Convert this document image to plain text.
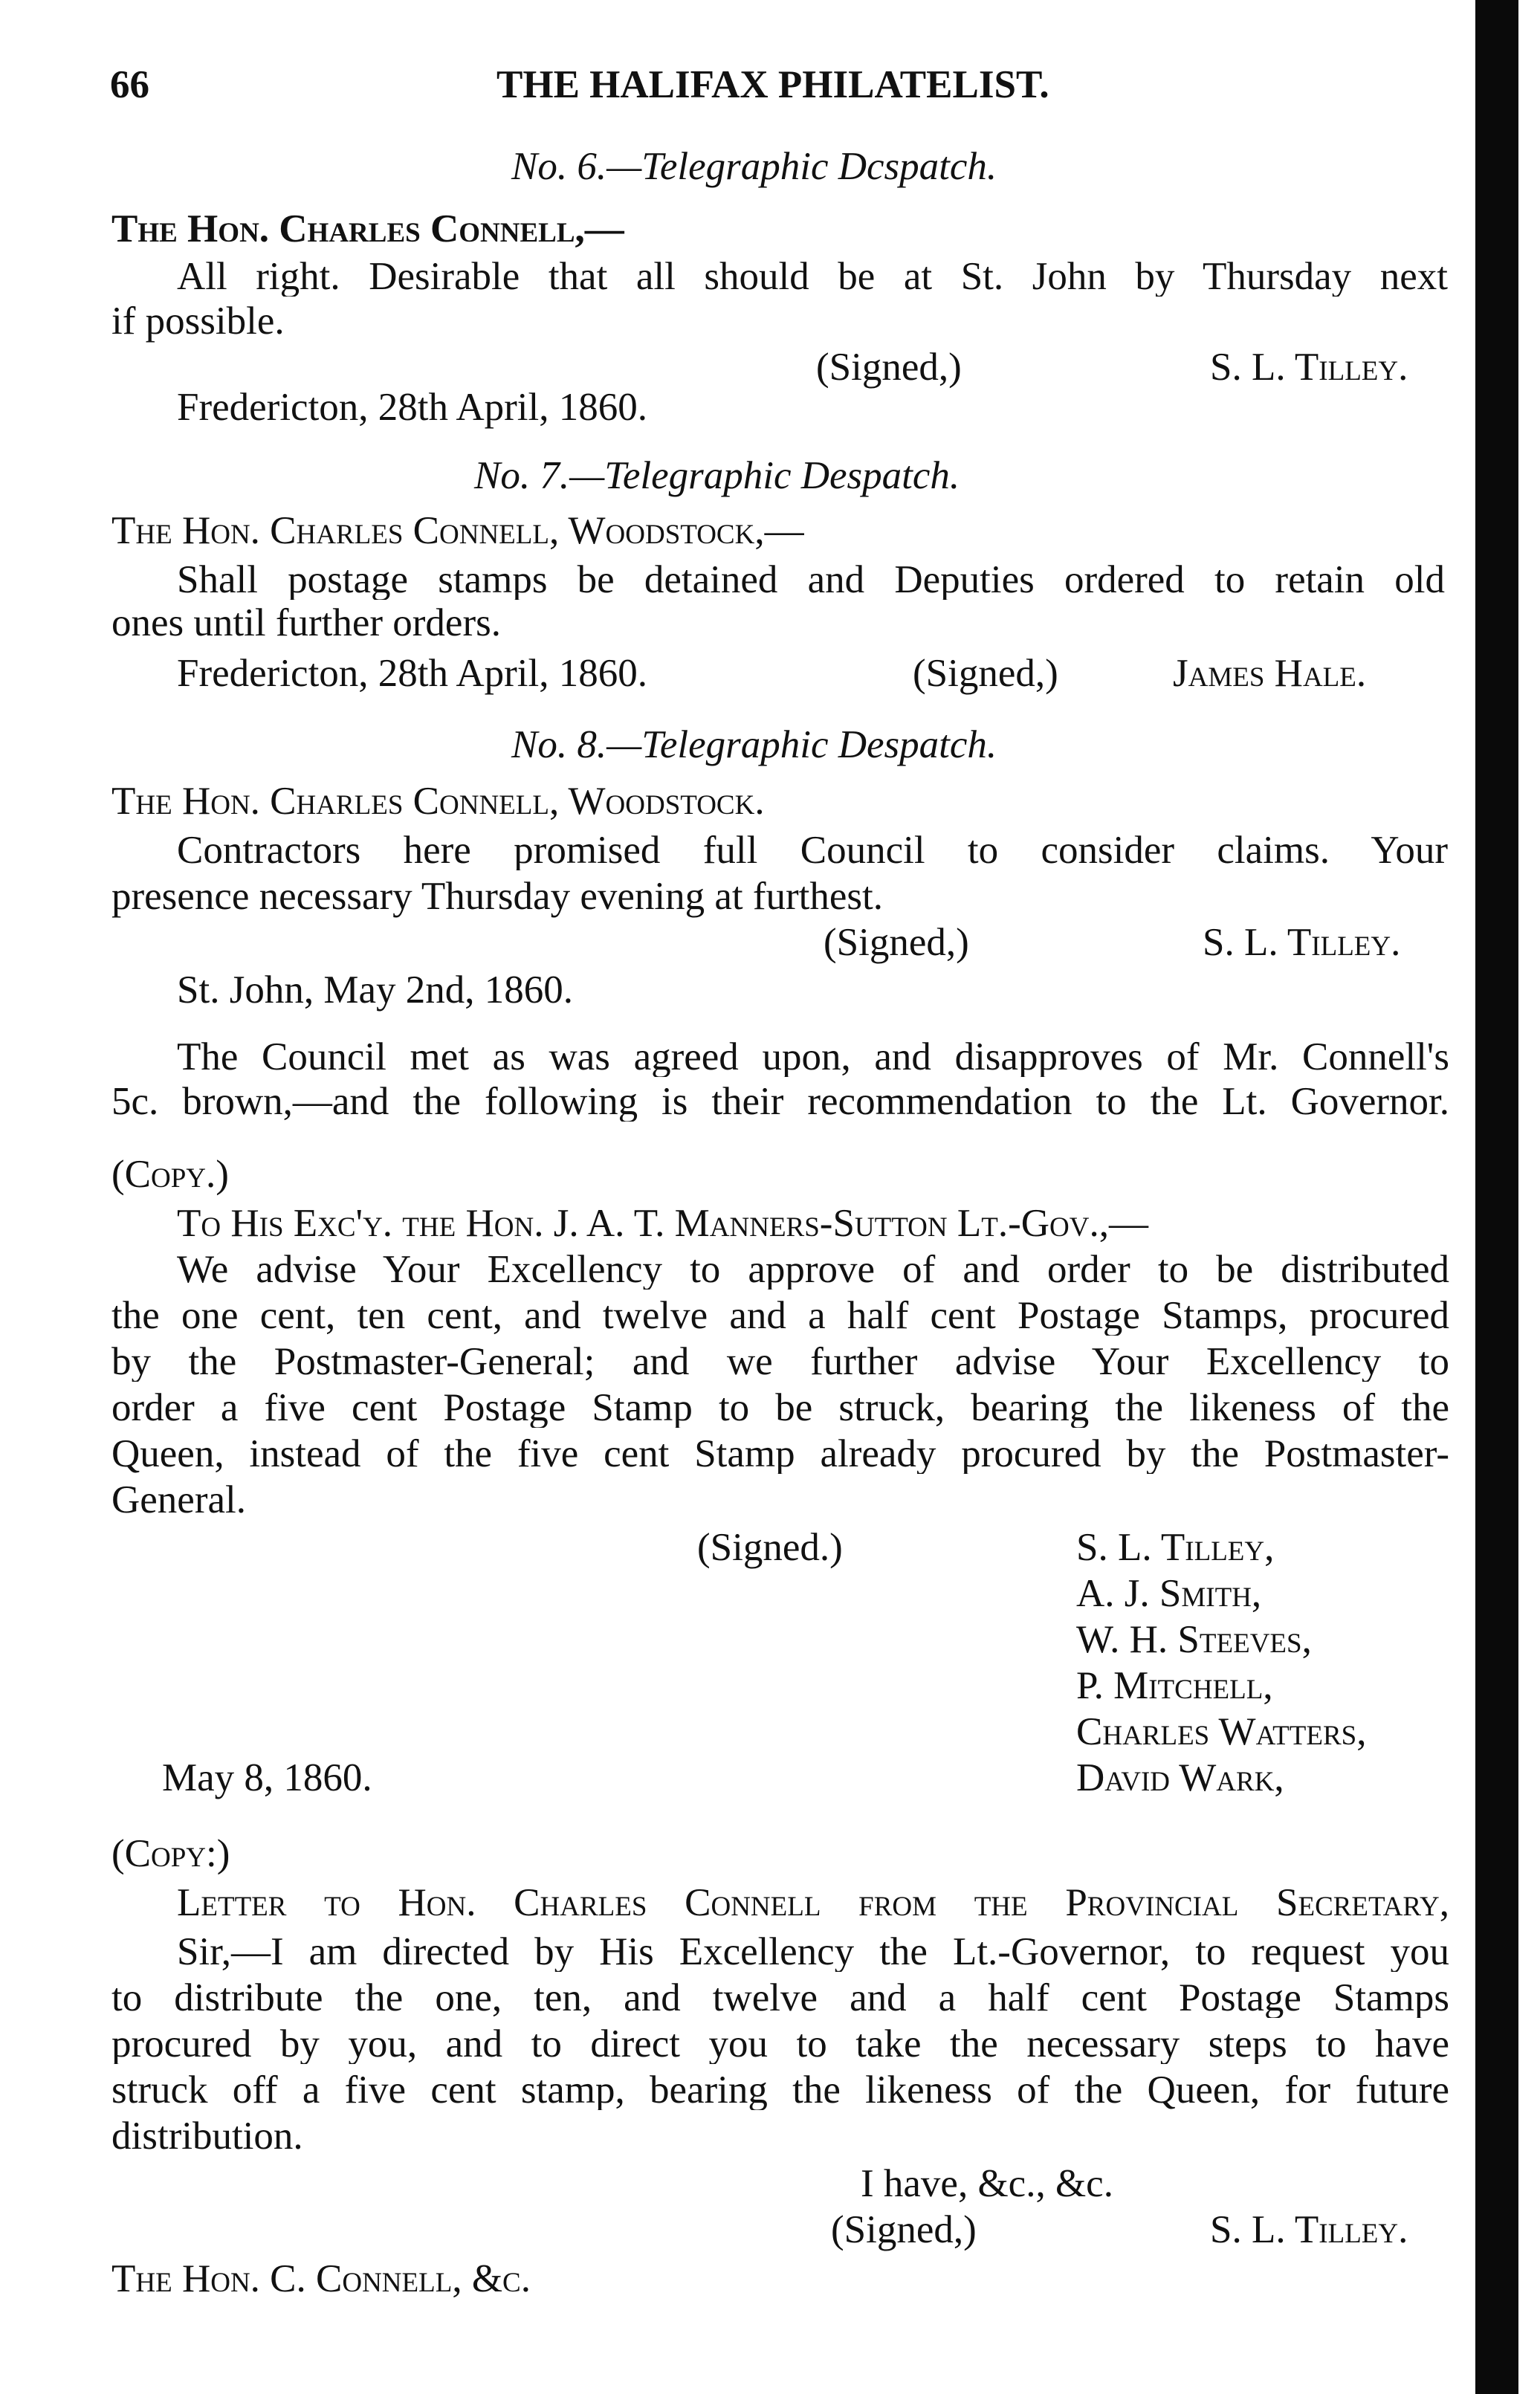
66	THE HALIFAX PHILATELIST.
No. 6.—Telegraphic Dcspatch.
The Hon. Charles Connell,—
All right. Desirable that all should be at St. John by Thursday next
if possible.
(Signed,)	S. L. Tilley.
Fredericton, 28th April, 1860.
No. 7.—Telegraphic Despatch.
The Hon. Charles Connell, Woodstock,—
Shall postage stamps be detained and Deputies ordered to retain old
ones until further orders.
Fredericton, 28th April, 1860.	(Signed,)	James Hale.
No. 8.—Telegraphic Despatch.
The Hon. Charles Connell, Woodstock.
Contractors here promised full Council to consider claims. Your
presence necessary Thursday evening at furthest.
(Signed,)	S. L. Tilley.
St. John, May 2nd, 1860.
The Council met as was agreed upon, and disapproves of Mr. Connell's
5c. brown,—and the following is their recommendation to the Lt. Governor.
(Copy.)
To His Exc'y. the Hon. J. A. T. Manners-Sutton Lt.-Gov.,—
We advise Your Excellency to approve of and order to be distributed
the one cent, ten cent, and twelve and a half cent Postage Stamps, procured
by the Postmaster-General; and we further advise Your Excellency to
order a five cent Postage Stamp to be struck, bearing the likeness of the
Queen, instead of the five cent Stamp already procured by the Postmaster-
General.
(Signed.)	S. L. Tilley,
A. J. Smith,
W. H. Steeves,
P. Mitchell,
Charles Watters,
David Wark,
May 8, 1860.
(Copy:)
Letter to Hon. Charles Connell from the Provincial Secretary,
Sir,—I am directed by His Excellency the Lt.-Governor, to request you
to distribute the one, ten, and twelve and a half cent Postage Stamps
procured by you, and to direct you to take the necessary steps to have
struck off a five cent stamp, bearing the likeness of the Queen, for future
distribution.
I have, &c., &c.
(Signed,)	S. L. Tilley.
The Hon. C. Connell, &c.
